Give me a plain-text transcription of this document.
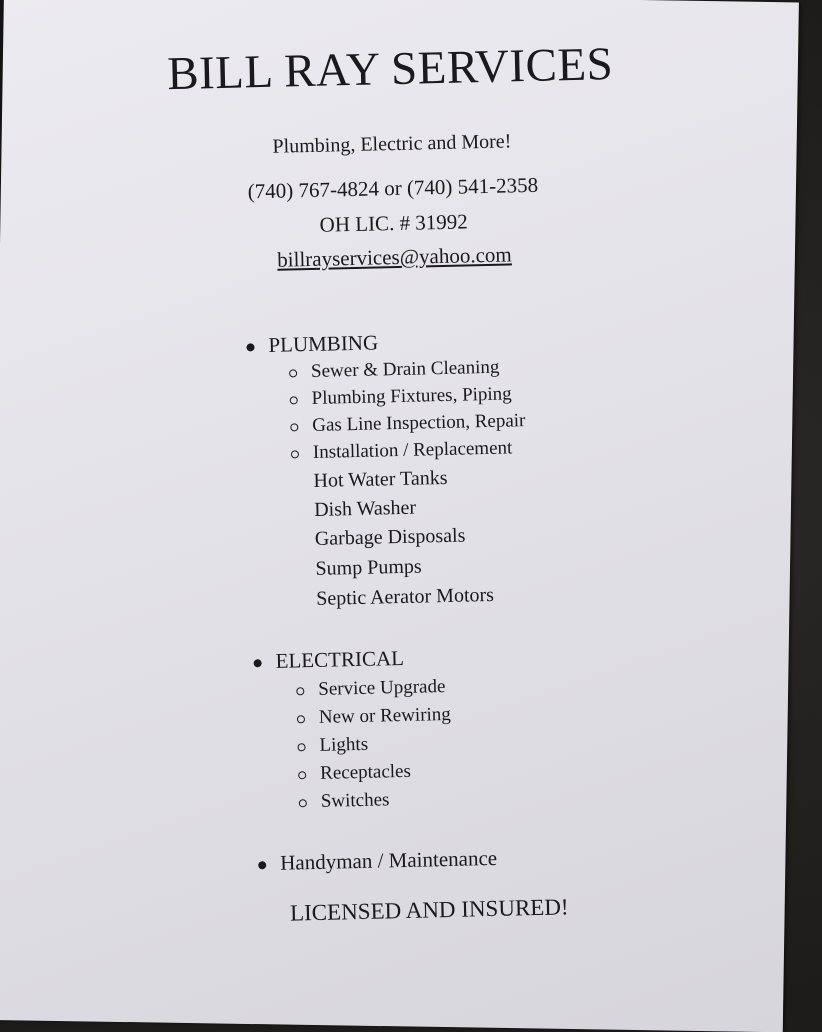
BILL RAY SERVICES
Plumbing, Electric and More!
(740) 767-4824 or (740) 541-2358
OH LIC. # 31992
billrayservices@yahoo.com
PLUMBING
Sewer & Drain Cleaning
Plumbing Fixtures, Piping
Gas Line Inspection, Repair
Installation / Replacement
Hot Water Tanks
Dish Washer
Garbage Disposals
Sump Pumps
Septic Aerator Motors
ELECTRICAL
Service Upgrade
New or Rewiring
Lights
Receptacles
Switches
Handyman / Maintenance
LICENSED AND INSURED!
